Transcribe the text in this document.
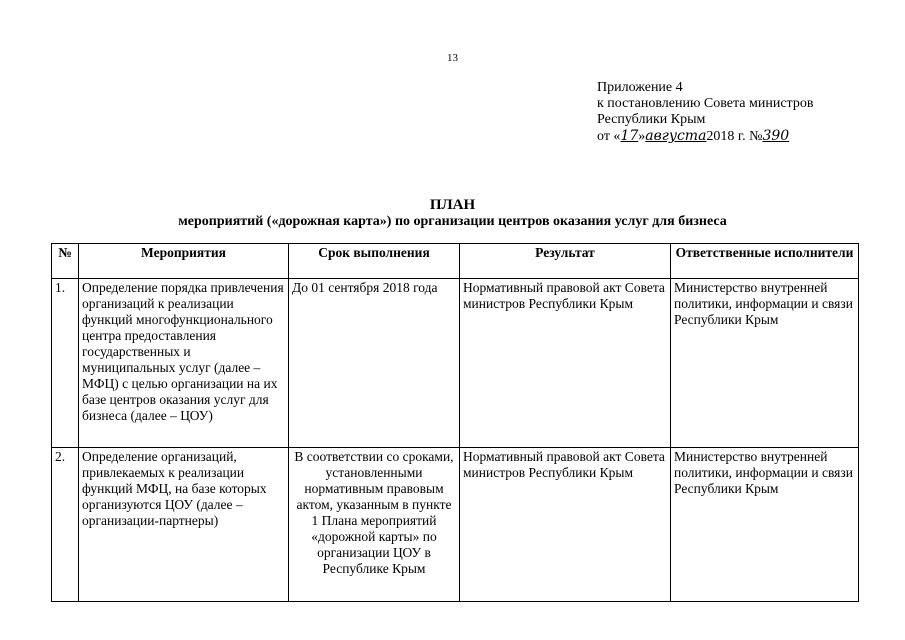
13
Приложение 4
к постановлению Совета министров
Республики Крым
от «17»августа2018 г. №390
ПЛАН
мероприятий («дорожная карта») по организации центров оказания услуг для бизнеса
№	Мероприятия	Срок выполнения	Результат	Ответственные исполнители
1.	Определение порядка привлечения организаций к реализации функций многофункционального центра предоставления государственных и муниципальных услуг (далее – МФЦ) с целью организации на их базе центров оказания услуг для бизнеса (далее – ЦОУ)	До 01 сентября 2018 года	Нормативный правовой акт Совета министров Республики Крым	Министерство внутренней политики, информации и связи Республики Крым
2.	Определение организаций, привлекаемых к реализации функций МФЦ, на базе которых организуются ЦОУ (далее – организации-партнеры)	В соответствии со сроками, установленными нормативным правовым актом, указанным в пункте 1 Плана мероприятий «дорожной карты» по организации ЦОУ в Республике Крым	Нормативный правовой акт Совета министров Республики Крым	Министерство внутренней политики, информации и связи Республики Крым
